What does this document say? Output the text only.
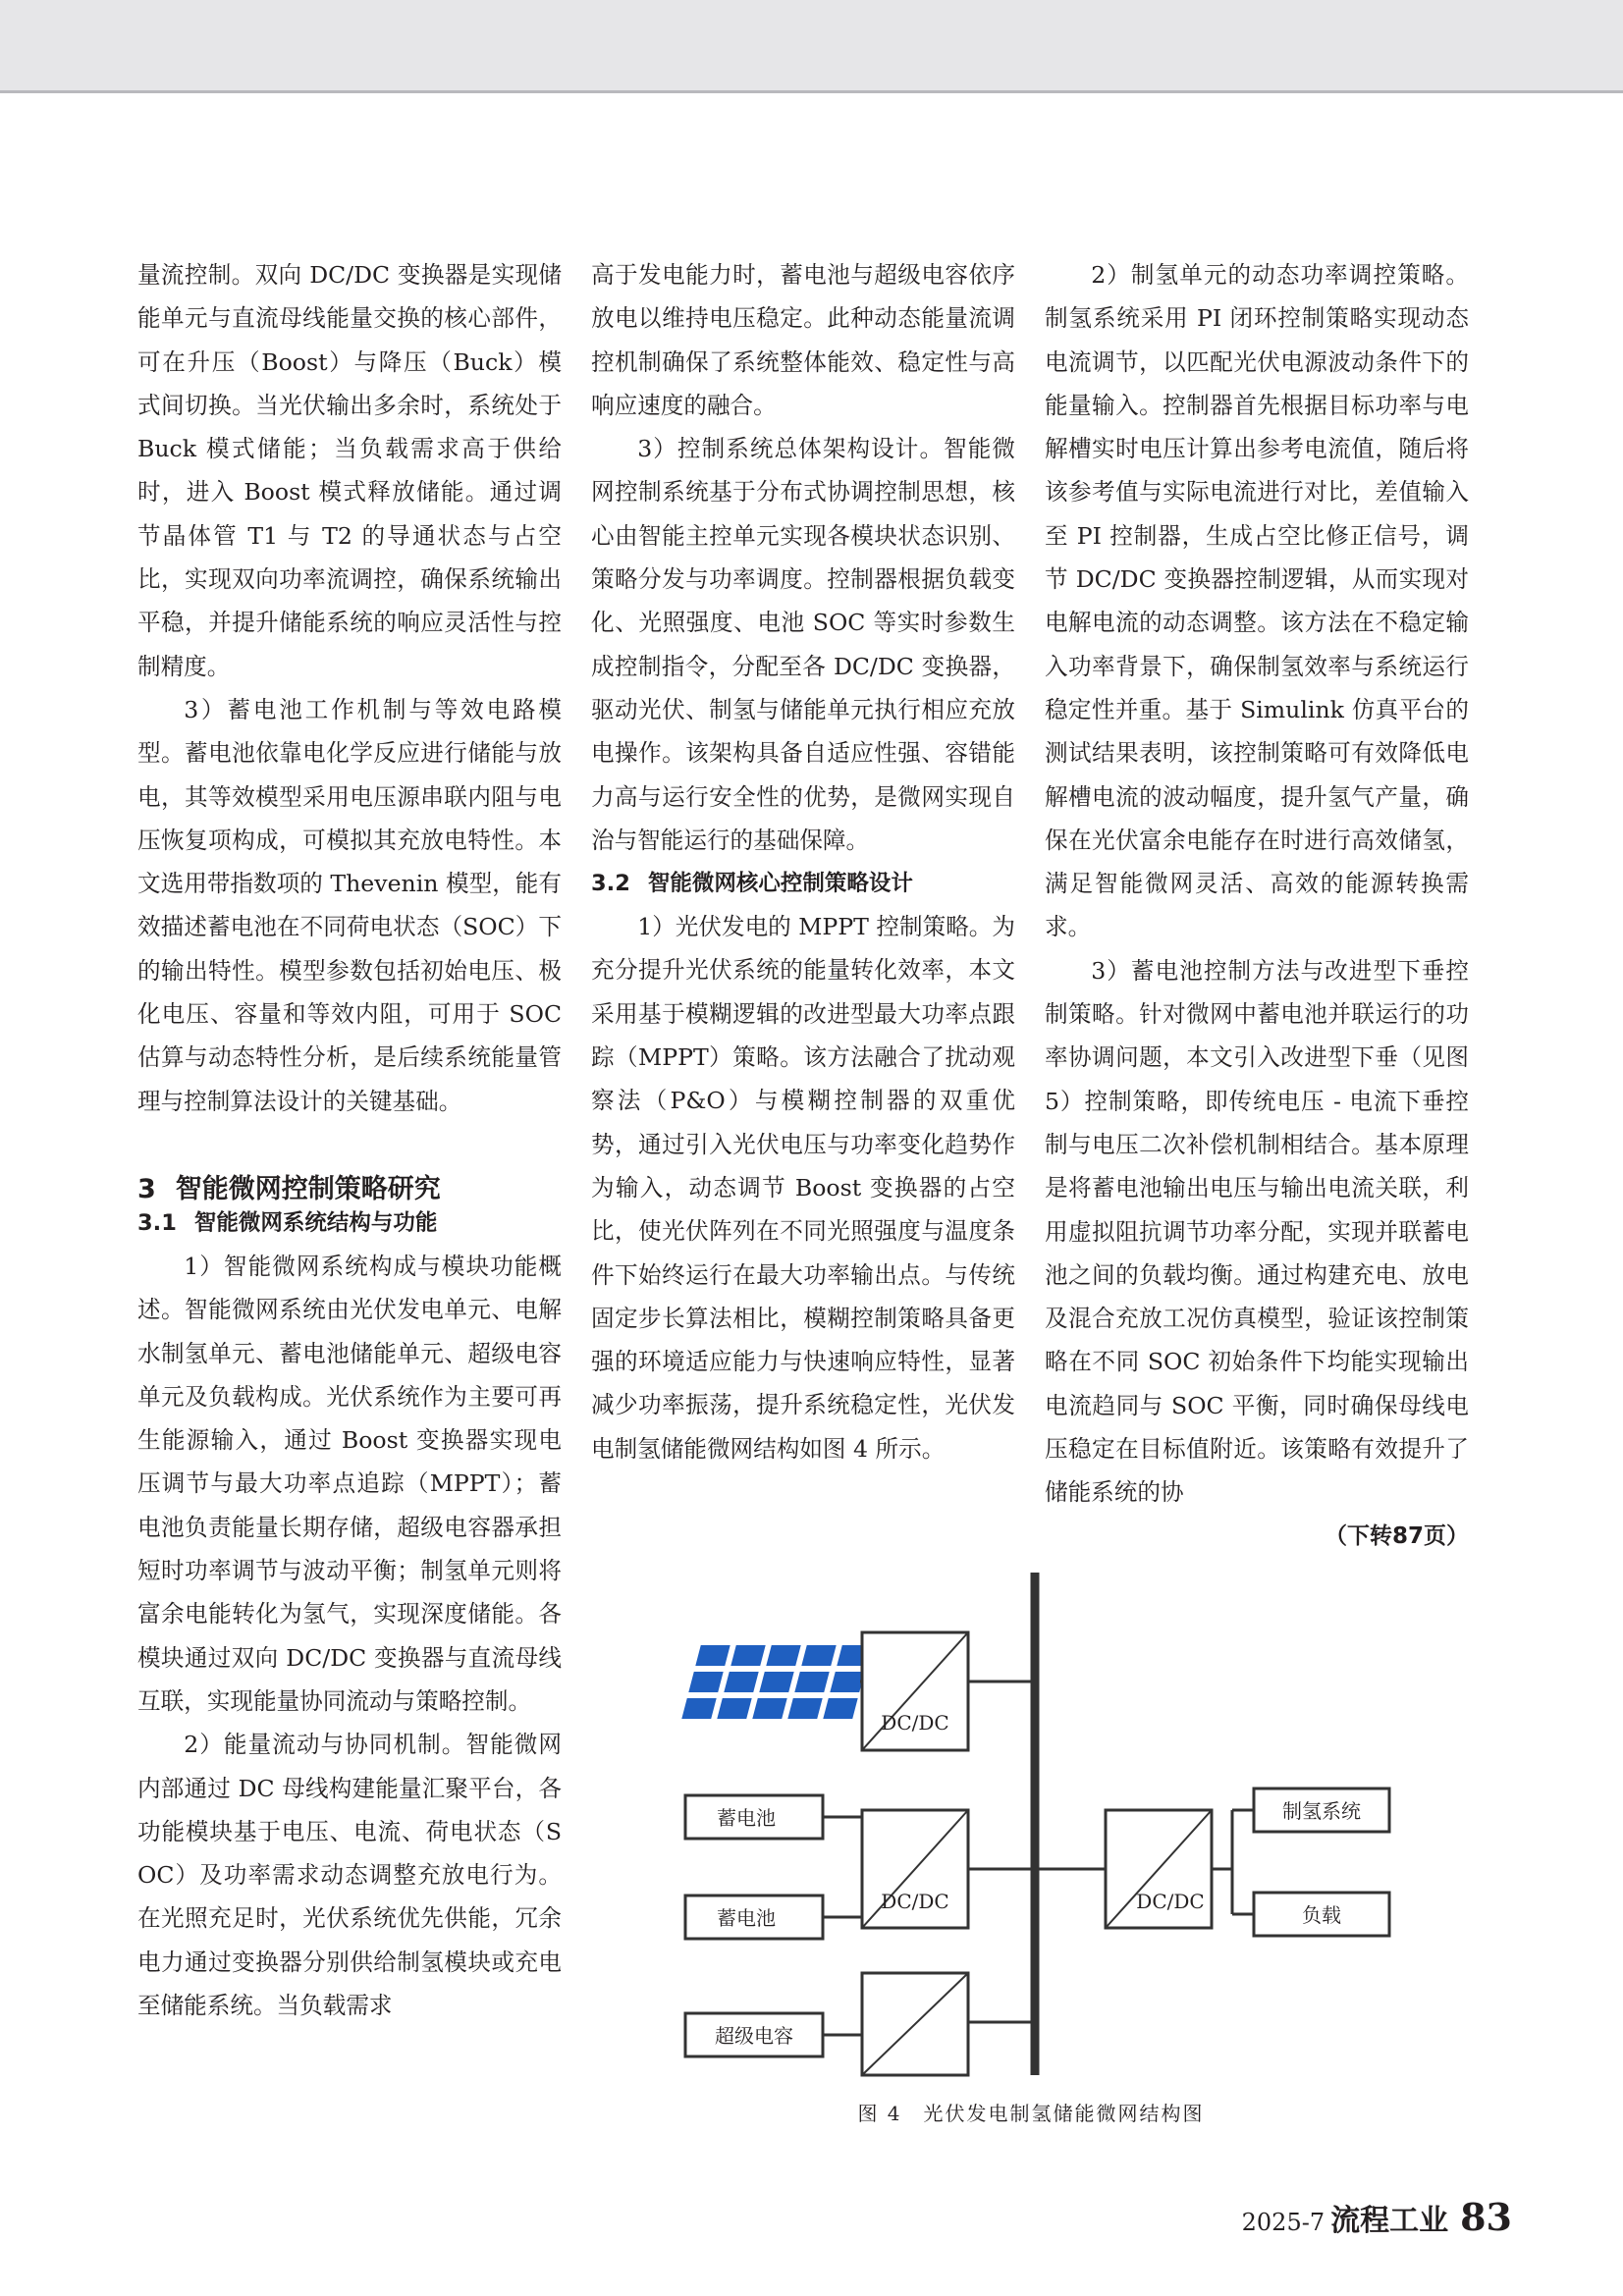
量流控制。双向 DC/DC 变换器是实现储能单元与直流母线能量交换的核心部件，可在升压（Boost）与降压（Buck）模式间切换。当光伏输出多余时，系统处于 Buck 模式储能；当负载需求高于供给时，进入 Boost 模式释放储能。通过调节晶体管 T1 与 T2 的导通状态与占空比，实现双向功率流调控，确保系统输出平稳，并提升储能系统的响应灵活性与控制精度。

3）蓄电池工作机制与等效电路模型。蓄电池依靠电化学反应进行储能与放电，其等效模型采用电压源串联内阻与电压恢复项构成，可模拟其充放电特性。本文选用带指数项的 Thevenin 模型，能有效描述蓄电池在不同荷电状态（SOC）下的输出特性。模型参数包括初始电压、极化电压、容量和等效内阻，可用于 SOC 估算与动态特性分析，是后续系统能量管理与控制算法设计的关键基础。

3 智能微网控制策略研究
3.1 智能微网系统结构与功能

1）智能微网系统构成与模块功能概述。智能微网系统由光伏发电单元、电解水制氢单元、蓄电池储能单元、超级电容单元及负载构成。光伏系统作为主要可再生能源输入，通过 Boost 变换器实现电压调节与最大功率点追踪（MPPT）；蓄电池负责能量长期存储，超级电容器承担短时功率调节与波动平衡；制氢单元则将富余电能转化为氢气，实现深度储能。各模块通过双向 DC/DC 变换器与直流母线互联，实现能量协同流动与策略控制。

2）能量流动与协同机制。智能微网内部通过 DC 母线构建能量汇聚平台，各功能模块基于电压、电流、荷电状态（SOC）及功率需求动态调整充放电行为。在光照充足时，光伏系统优先供能，冗余电力通过变换器分别供给制氢模块或充电至储能系统。当负载需求

高于发电能力时，蓄电池与超级电容依序放电以维持电压稳定。此种动态能量流调控机制确保了系统整体能效、稳定性与高响应速度的融合。

3）控制系统总体架构设计。智能微网控制系统基于分布式协调控制思想，核心由智能主控单元实现各模块状态识别、策略分发与功率调度。控制器根据负载变化、光照强度、电池 SOC 等实时参数生成控制指令，分配至各 DC/DC 变换器，驱动光伏、制氢与储能单元执行相应充放电操作。该架构具备自适应性强、容错能力高与运行安全性的优势，是微网实现自治与智能运行的基础保障。

3.2 智能微网核心控制策略设计

1）光伏发电的 MPPT 控制策略。为充分提升光伏系统的能量转化效率，本文采用基于模糊逻辑的改进型最大功率点跟踪（MPPT）策略。该方法融合了扰动观察法（P&O）与模糊控制器的双重优势，通过引入光伏电压与功率变化趋势作为输入，动态调节 Boost 变换器的占空比，使光伏阵列在不同光照强度与温度条件下始终运行在最大功率输出点。与传统固定步长算法相比，模糊控制策略具备更强的环境适应能力与快速响应特性，显著减少功率振荡，提升系统稳定性，光伏发电制氢储能微网结构如图 4 所示。

2）制氢单元的动态功率调控策略。制氢系统采用 PI 闭环控制策略实现动态电流调节，以匹配光伏电源波动条件下的能量输入。控制器首先根据目标功率与电解槽实时电压计算出参考电流值，随后将该参考值与实际电流进行对比，差值输入至 PI 控制器，生成占空比修正信号，调节 DC/DC 变换器控制逻辑，从而实现对电解电流的动态调整。该方法在不稳定输入功率背景下，确保制氢效率与系统运行稳定性并重。基于 Simulink 仿真平台的测试结果表明，该控制策略可有效降低电解槽电流的波动幅度，提升氢气产量，确保在光伏富余电能存在时进行高效储氢，满足智能微网灵活、高效的能源转换需求。

3）蓄电池控制方法与改进型下垂控制策略。针对微网中蓄电池并联运行的功率协调问题，本文引入改进型下垂（见图 5）控制策略，即传统电压 - 电流下垂控制与电压二次补偿机制相结合。基本原理是将蓄电池输出电压与输出电流关联，利用虚拟阻抗调节功率分配，实现并联蓄电池之间的负载均衡。通过构建充电、放电及混合充放工况仿真模型，验证该控制策略在不同 SOC 初始条件下均能实现输出电流趋同与 SOC 平衡，同时确保母线电压稳定在目标值附近。该策略有效提升了储能系统的协

（下转87页）
DC/DC
DC/DC	DC/DC
蓄电池
蓄电池
超级电容
制氢系统
负载
图 4　光伏发电制氢储能微网结构图
2025-7 流程工业 83
